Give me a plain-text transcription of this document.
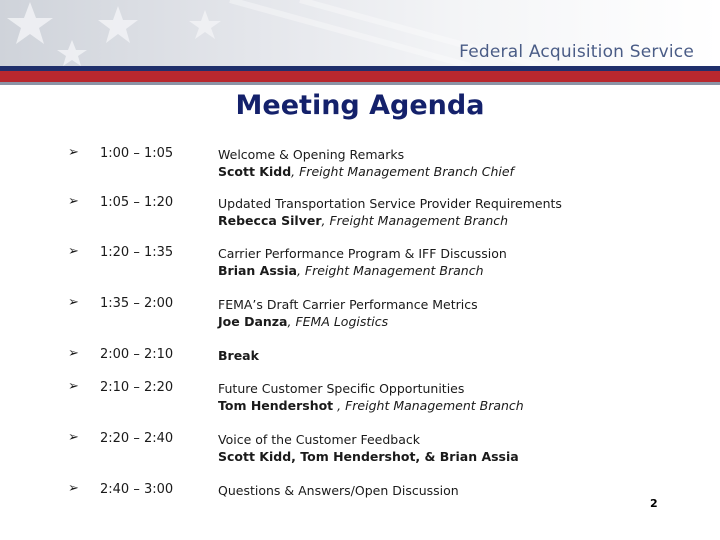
Federal Acquisition Service
Meeting Agenda
➢ 1:00 – 1:05	Welcome & Opening Remarks
Scott Kidd, Freight Management Branch Chief
➢ 1:05 – 1:20	Updated Transportation Service Provider Requirements
Rebecca Silver, Freight Management Branch
➢ 1:20 – 1:35	Carrier Performance Program & IFF Discussion
Brian Assia, Freight Management Branch
➢ 1:35 – 2:00	FEMA’s Draft Carrier Performance Metrics
Joe Danza, FEMA Logistics
➢ 2:00 – 2:10	Break
➢ 2:10 – 2:20	Future Customer Specific Opportunities
Tom Hendershot , Freight Management Branch
➢ 2:20 – 2:40	Voice of the Customer Feedback
Scott Kidd, Tom Hendershot, & Brian Assia
➢ 2:40 – 3:00	Questions & Answers/Open Discussion
2
